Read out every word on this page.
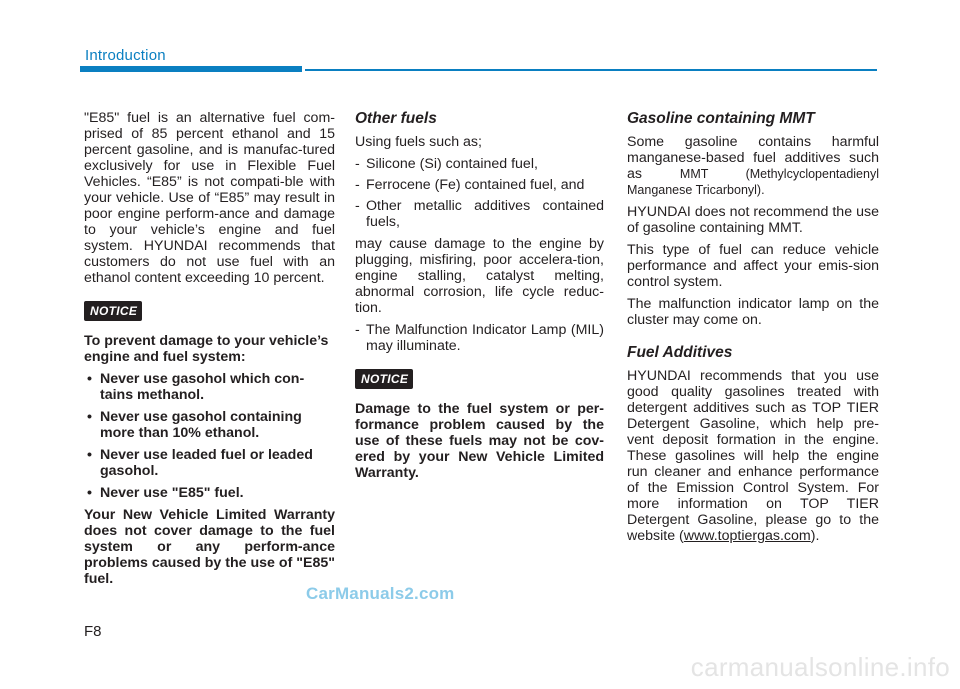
Introduction

"E85" fuel is an alternative fuel com-prised of 85 percent ethanol and 15 percent gasoline, and is manufac-tured exclusively for use in Flexible Fuel Vehicles. “E85” is not compati-ble with your vehicle. Use of “E85” may result in poor engine perform-ance and damage to your vehicle’s engine and fuel system. HYUNDAI recommends that customers do not use fuel with an ethanol content exceeding 10 percent.

NOTICE

To prevent damage to your vehicle’s engine and fuel system:

• Never use gasohol which con-tains methanol.
• Never use gasohol containing more than 10% ethanol.
• Never use leaded fuel or leaded gasohol.
• Never use "E85" fuel.

Your New Vehicle Limited Warranty does not cover damage to the fuel system or any perform-ance problems caused by the use of "E85" fuel.

Other fuels

Using fuels such as;

- Silicone (Si) contained fuel,
- Ferrocene (Fe) contained fuel, and
- Other metallic additives contained fuels,

may cause damage to the engine by plugging, misfiring, poor accelera-tion, engine stalling, catalyst melting, abnormal corrosion, life cycle reduc-tion.

- The Malfunction Indicator Lamp (MIL) may illuminate.
NOTICE

Damage to the fuel system or per-formance problem caused by the use of these fuels may not be cov-ered by your New Vehicle Limited Warranty.

Gasoline containing MMT

Some gasoline contains harmful manganese-based fuel additives such as MMT (Methylcyclopentadienyl Manganese Tricarbonyl).

HYUNDAI does not recommend the use of gasoline containing MMT.

This type of fuel can reduce vehicle performance and affect your emis-sion control system.

The malfunction indicator lamp on the cluster may come on.

Fuel Additives

HYUNDAI recommends that you use good quality gasolines treated with detergent additives such as TOP TIER Detergent Gasoline, which help pre-vent deposit formation in the engine. These gasolines will help the engine run cleaner and enhance performance of the Emission Control System. For more information on TOP TIER Detergent Gasoline, please go to the website (www.toptiergas.com).

F8
CarManuals2.com
carmanualsonline.info
